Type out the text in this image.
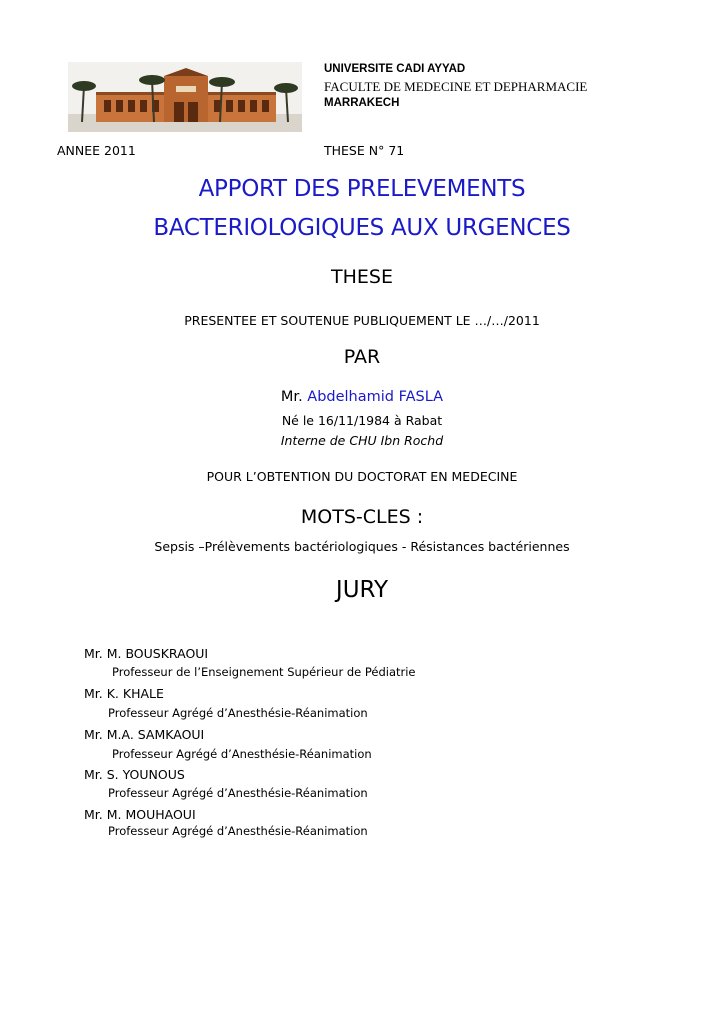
UNIVERSITE CADI AYYAD
FACULTE DE MEDECINE ET DEPHARMACIE
MARRAKECH
ANNEE 2011	THESE N° 71
APPORT DES PRELEVEMENTS
BACTERIOLOGIQUES AUX URGENCES
THESE
PRESENTEE ET SOUTENUE PUBLIQUEMENT LE …/…/2011
PAR
Mr. Abdelhamid FASLA
Né le 16/11/1984 à Rabat
Interne de CHU Ibn Rochd
POUR L’OBTENTION DU DOCTORAT EN MEDECINE
MOTS-CLES :
Sepsis –Prélèvements bactériologiques - Résistances bactériennes
JURY
Mr. M. BOUSKRAOUI
Professeur de l’Enseignement Supérieur de Pédiatrie
Mr. K. KHALE
Professeur Agrégé d’Anesthésie-Réanimation
Mr. M.A. SAMKAOUI
Professeur Agrégé d’Anesthésie-Réanimation
Mr. S. YOUNOUS
Professeur Agrégé d’Anesthésie-Réanimation
Mr. M. MOUHAOUI
Professeur Agrégé d’Anesthésie-Réanimation
